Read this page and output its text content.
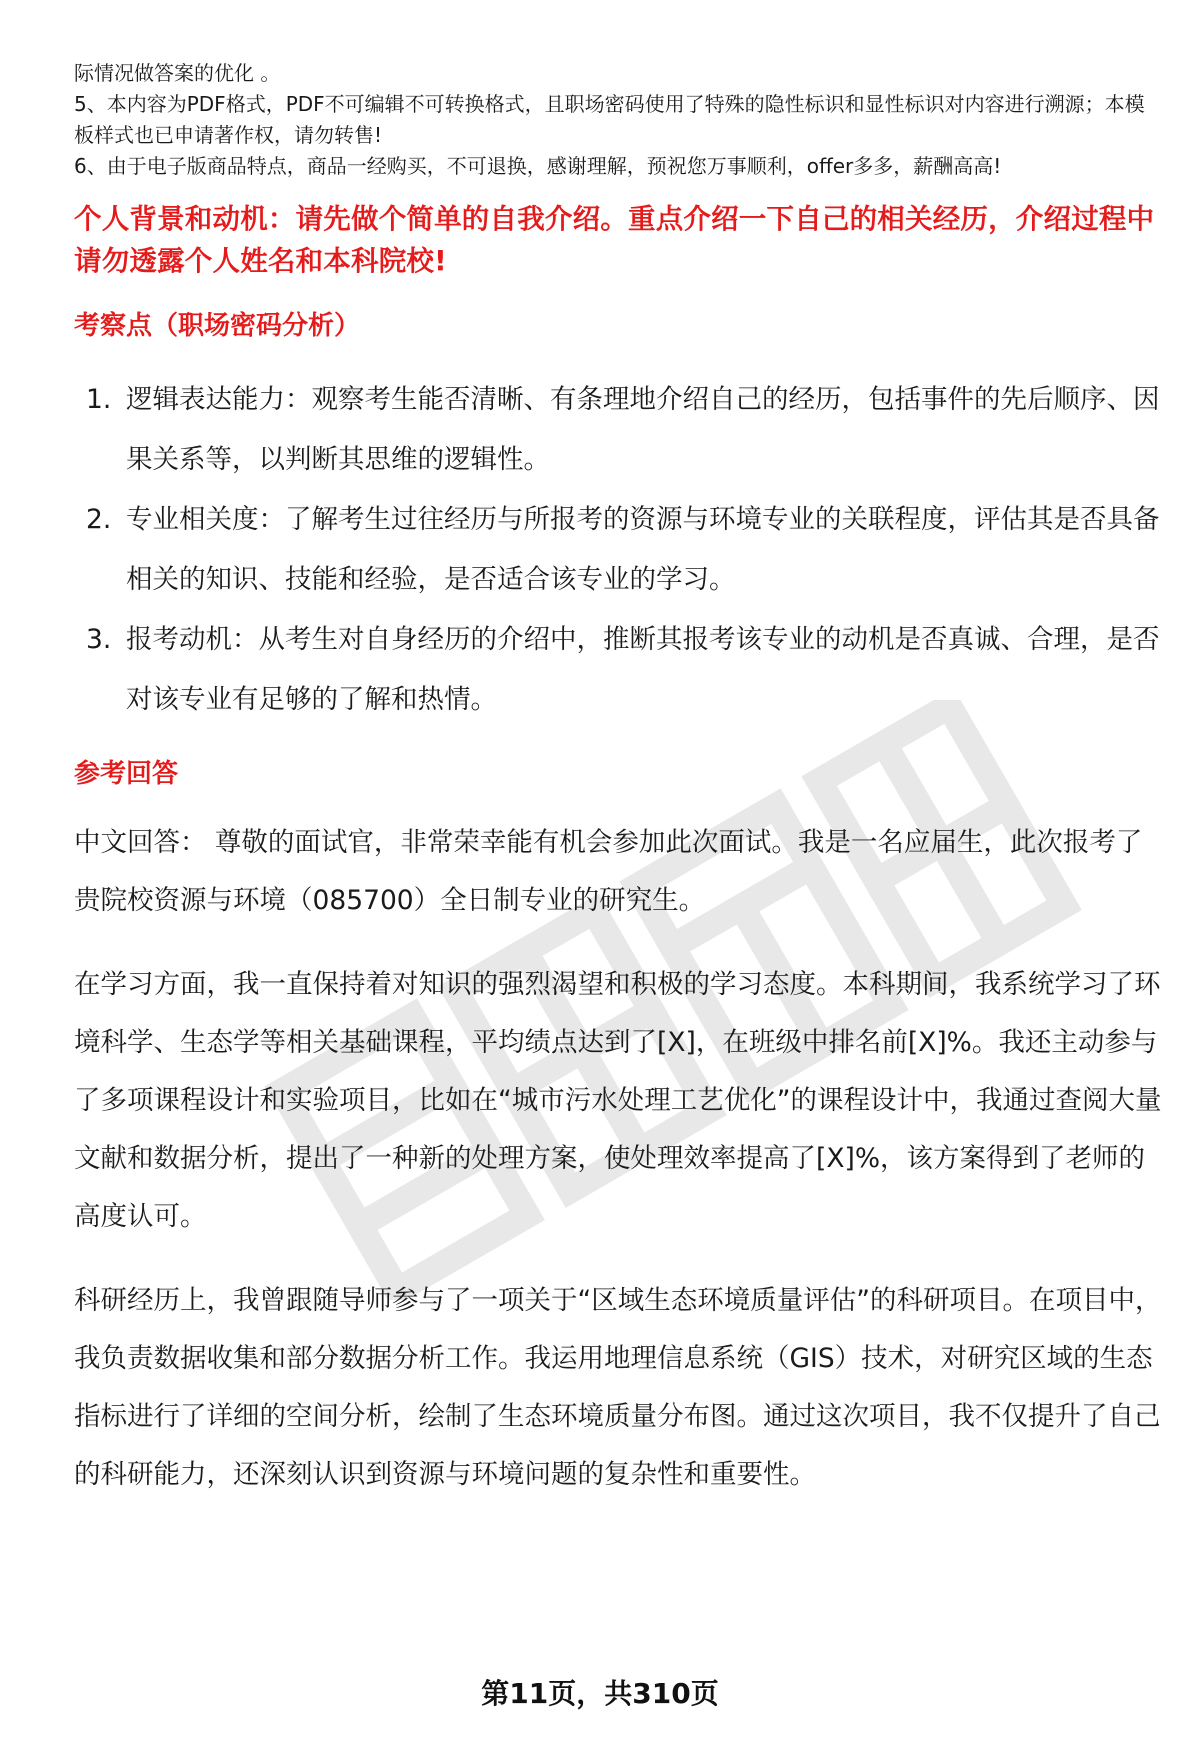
际情况做答案的优化 。

5、本内容为PDF格式，PDF不可编辑不可转换格式，且职场密码使用了特殊的隐性标识和显性标识对内容进行溯源；本模板样式也已申请著作权，请勿转售!

6、由于电子版商品特点，商品一经购买，不可退换，感谢理解，预祝您万事顺利，offer多多，薪酬高高!

个人背景和动机：请先做个简单的自我介绍。重点介绍一下自己的相关经历，介绍过程中请勿透露个人姓名和本科院校!

考察点（职场密码分析）

1. 逻辑表达能力：观察考生能否清晰、有条理地介绍自己的经历，包括事件的先后顺序、因果关系等，以判断其思维的逻辑性。
2. 专业相关度：了解考生过往经历与所报考的资源与环境专业的关联程度，评估其是否具备相关的知识、技能和经验，是否适合该专业的学习。
3. 报考动机：从考生对自身经历的介绍中，推断其报考该专业的动机是否真诚、合理，是否对该专业有足够的了解和热情。

参考回答

中文回答： 尊敬的面试官，非常荣幸能有机会参加此次面试。我是一名应届生，此次报考了贵院校资源与环境（085700）全日制专业的研究生。

在学习方面，我一直保持着对知识的强烈渴望和积极的学习态度。本科期间，我系统学习了环境科学、生态学等相关基础课程，平均绩点达到了[X]，在班级中排名前[X]%。我还主动参与了多项课程设计和实验项目，比如在“城市污水处理工艺优化”的课程设计中，我通过查阅大量文献和数据分析，提出了一种新的处理方案，使处理效率提高了[X]%，该方案得到了老师的高度认可。

科研经历上，我曾跟随导师参与了一项关于“区域生态环境质量评估”的科研项目。在项目中，我负责数据收集和部分数据分析工作。我运用地理信息系统（GIS）技术，对研究区域的生态指标进行了详细的空间分析，绘制了生态环境质量分布图。通过这次项目，我不仅提升了自己的科研能力，还深刻认识到资源与环境问题的复杂性和重要性。

第11页，共310页
